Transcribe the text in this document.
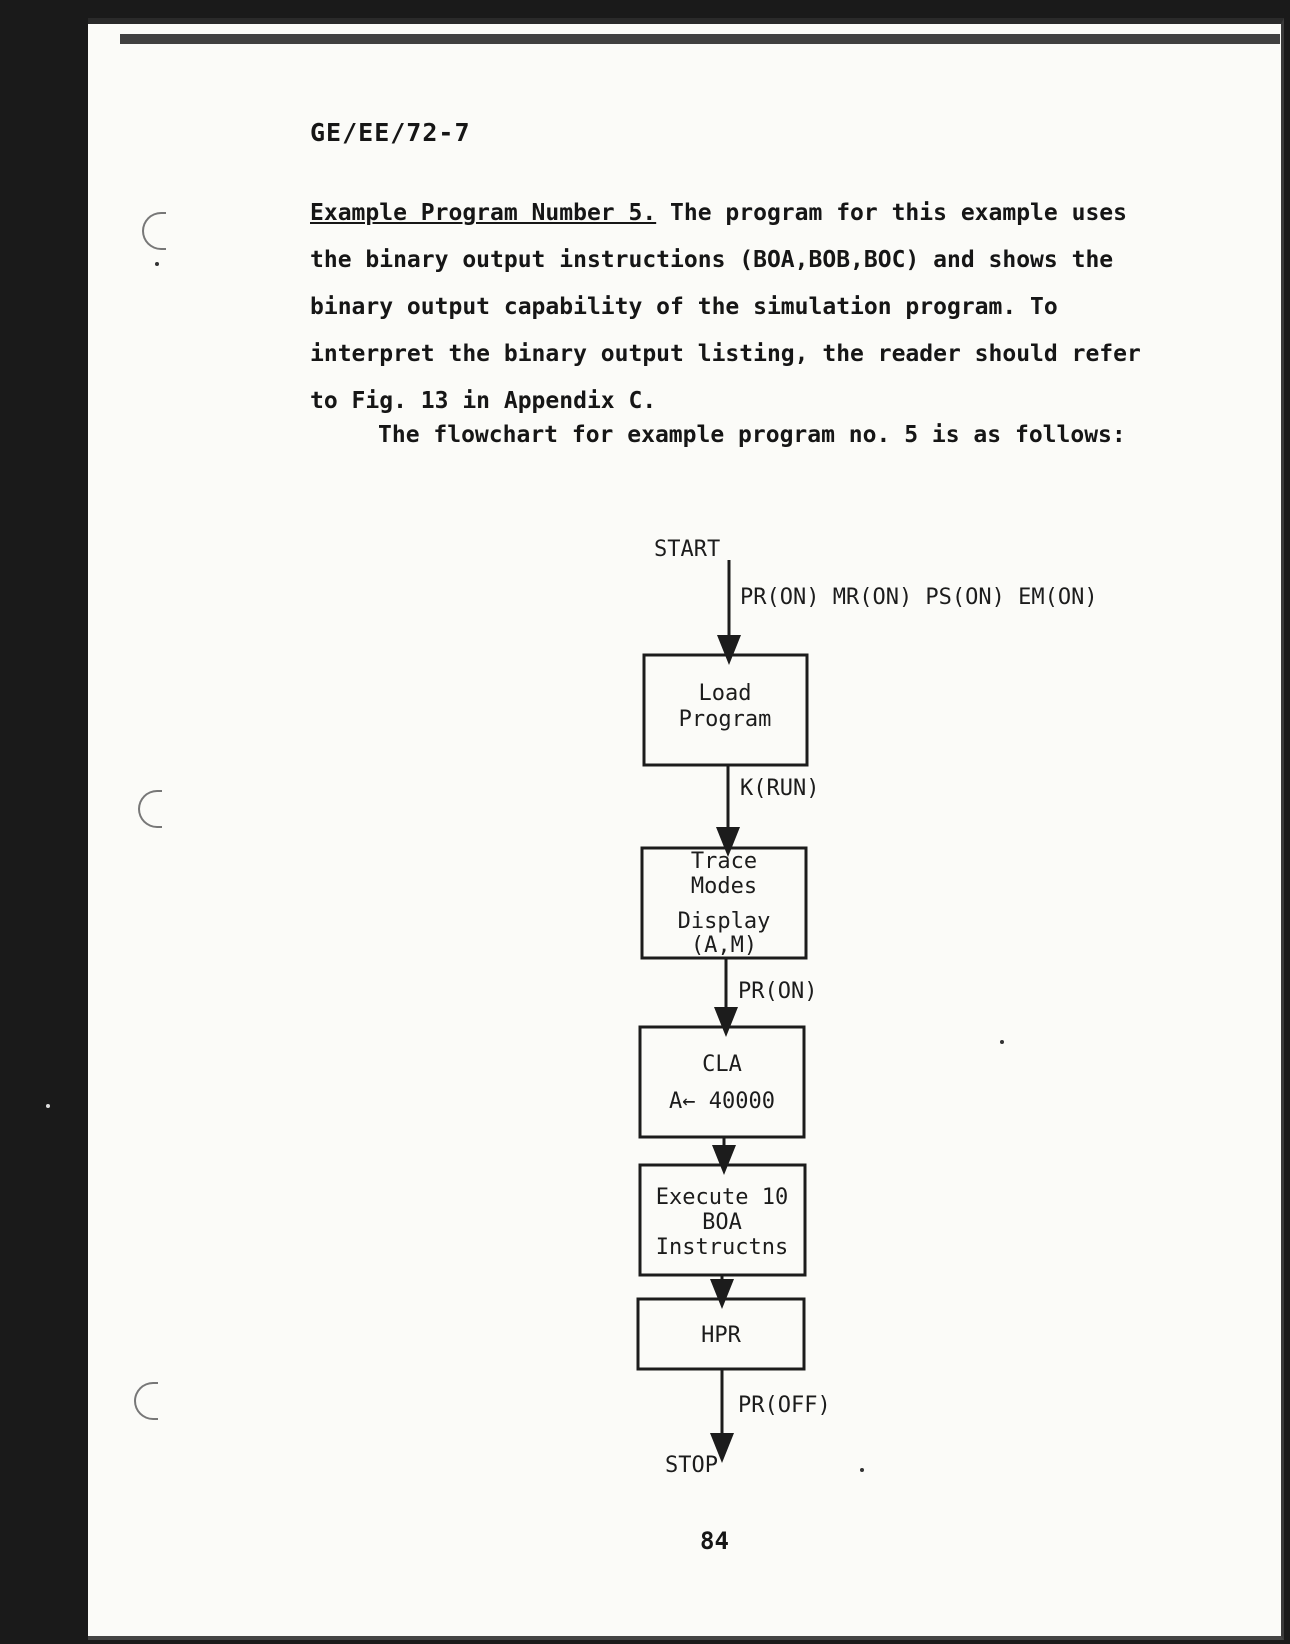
GE/EE/72-7
Example Program Number 5. The program for this example uses
the binary output instructions (BOA,BOB,BOC) and shows the
binary output capability of the simulation program. To
interpret the binary output listing, the reader should refer
to Fig. 13 in Appendix C.
The flowchart for example program no. 5 is as follows:
START
PR(ON) MR(ON) PS(ON) EM(ON)
Load
Program
K(RUN)
Trace
Modes
Display
(A,M)
PR(ON)
CLA
A← 40000
Execute 10
BOA
Instructns
HPR
PR(OFF)
STOP
84
